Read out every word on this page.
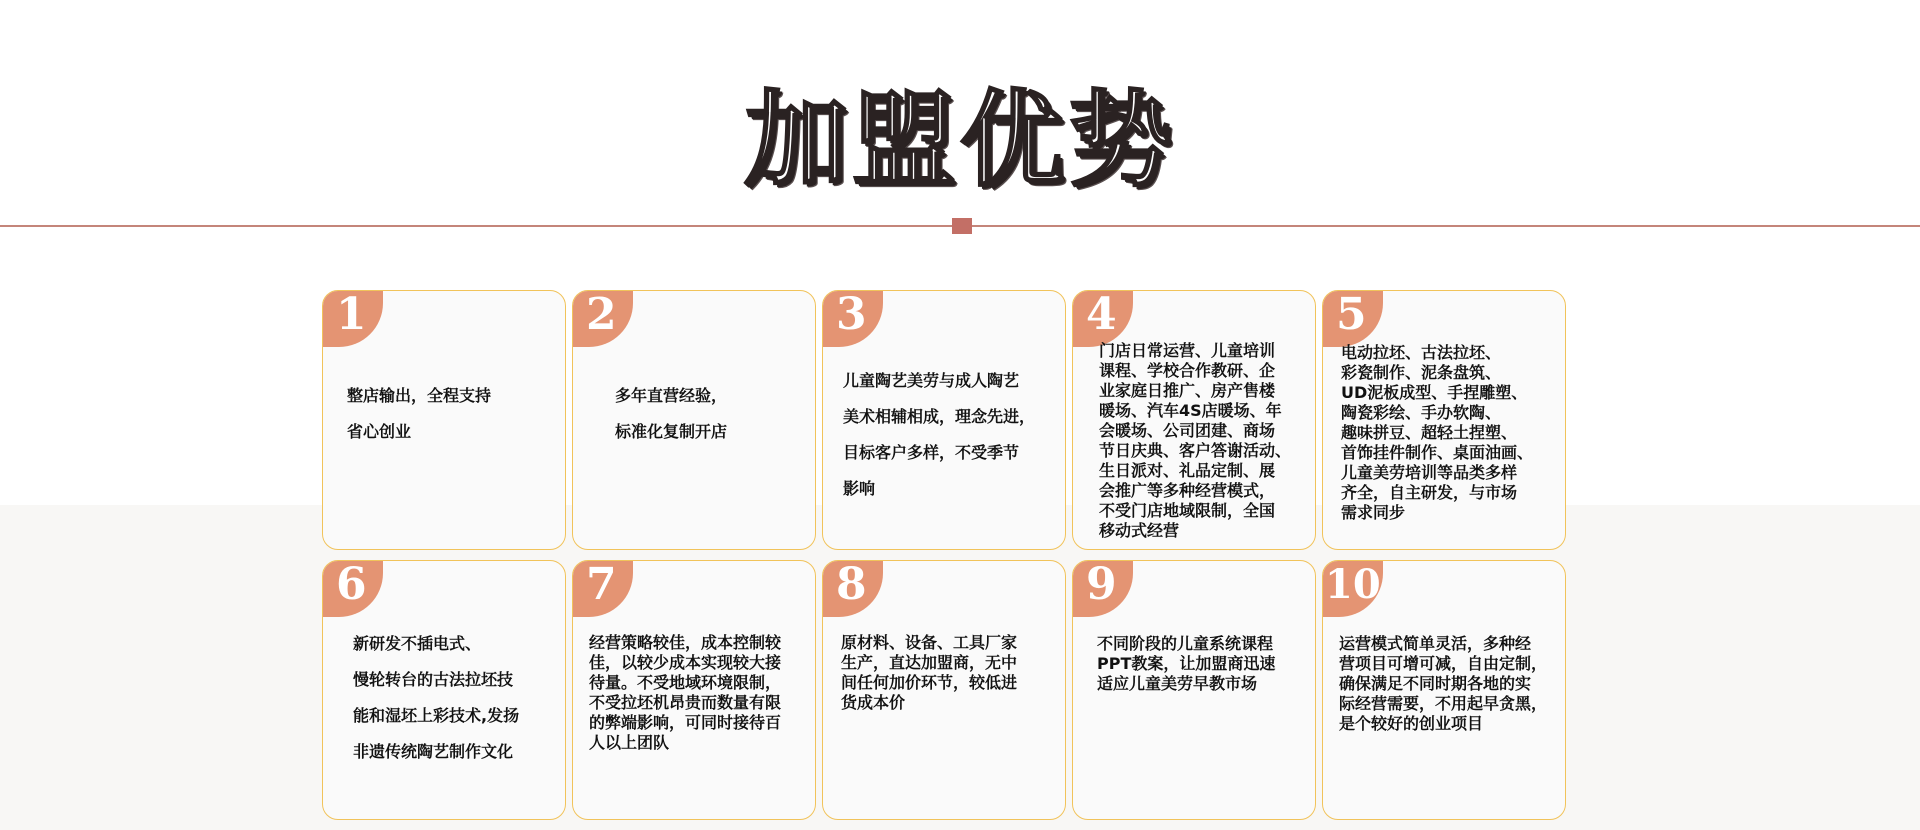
加盟优势
1
整店输出，全程支持
省心创业
2
多年直营经验，
标准化复制开店
3
儿童陶艺美劳与成人陶艺
美术相辅相成，理念先进，
目标客户多样，不受季节
影响
4
门店日常运营、儿童培训
课程、学校合作教研、企
业家庭日推广、房产售楼
暖场、汽车4S店暖场、年
会暖场、公司团建、商场
节日庆典、客户答谢活动、
生日派对、礼品定制、展
会推广等多种经营模式，
不受门店地域限制，全国
移动式经营
5
电动拉坯、古法拉坯、
彩瓷制作、泥条盘筑、
UD泥板成型、手捏雕塑、
陶瓷彩绘、手办软陶、
趣味拼豆、超轻土捏塑、
首饰挂件制作、桌面油画、
儿童美劳培训等品类多样
齐全，自主研发，与市场
需求同步
6
新研发不插电式、
慢轮转台的古法拉坯技
能和湿坯上彩技术,发扬
非遗传统陶艺制作文化
7
经营策略较佳，成本控制较
佳，以较少成本实现较大接
待量。不受地域环境限制，
不受拉坯机昂贵而数量有限
的弊端影响，可同时接待百
人以上团队
8
原材料、设备、工具厂家
生产，直达加盟商，无中
间任何加价环节，较低进
货成本价
9
不同阶段的儿童系统课程
PPT教案，让加盟商迅速
适应儿童美劳早教市场
10
运营模式简单灵活，多种经
营项目可增可减，自由定制，
确保满足不同时期各地的实
际经营需要，不用起早贪黑，
是个较好的创业项目
